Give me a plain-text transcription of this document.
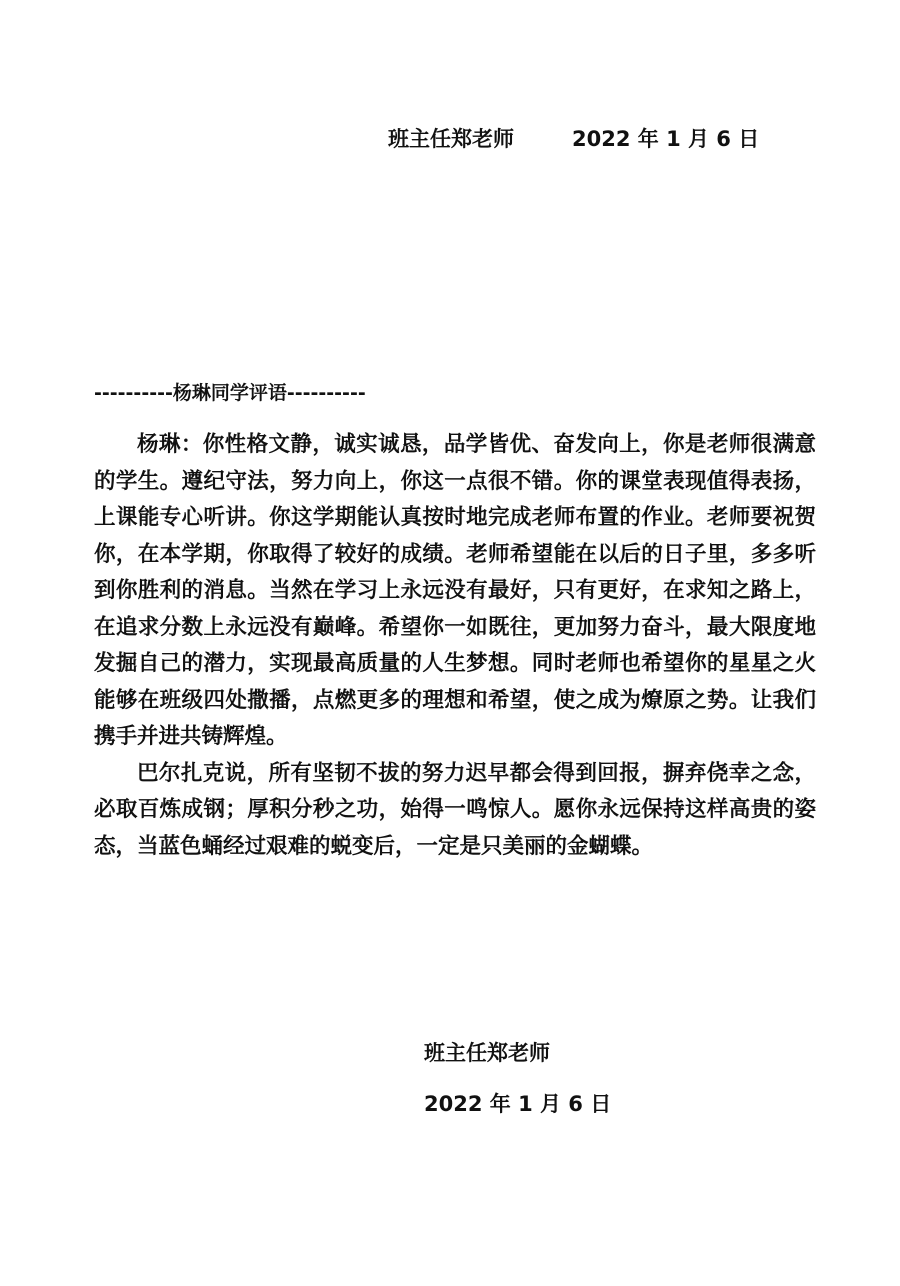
班主任郑老师	2022 年 1 月 6 日
----------杨琳同学评语----------

杨琳：你性格文静，诚实诚恳，品学皆优、奋发向上，你是老师很满意的学生。遵纪守法，努力向上，你这一点很不错。你的课堂表现值得表扬，上课能专心听讲。你这学期能认真按时地完成老师布置的作业。老师要祝贺你，在本学期，你取得了较好的成绩。老师希望能在以后的日子里，多多听到你胜利的消息。当然在学习上永远没有最好，只有更好，在求知之路上，在追求分数上永远没有巅峰。希望你一如既往，更加努力奋斗，最大限度地发掘自己的潜力，实现最高质量的人生梦想。同时老师也希望你的星星之火能够在班级四处撒播，点燃更多的理想和希望，使之成为燎原之势。让我们携手并进共铸辉煌。

巴尔扎克说，所有坚韧不拔的努力迟早都会得到回报，摒弃侥幸之念，必取百炼成钢；厚积分秒之功，始得一鸣惊人。愿你永远保持这样高贵的姿态，当蓝色蛹经过艰难的蜕变后，一定是只美丽的金蝴蝶。

班主任郑老师
2022 年 1 月 6 日
